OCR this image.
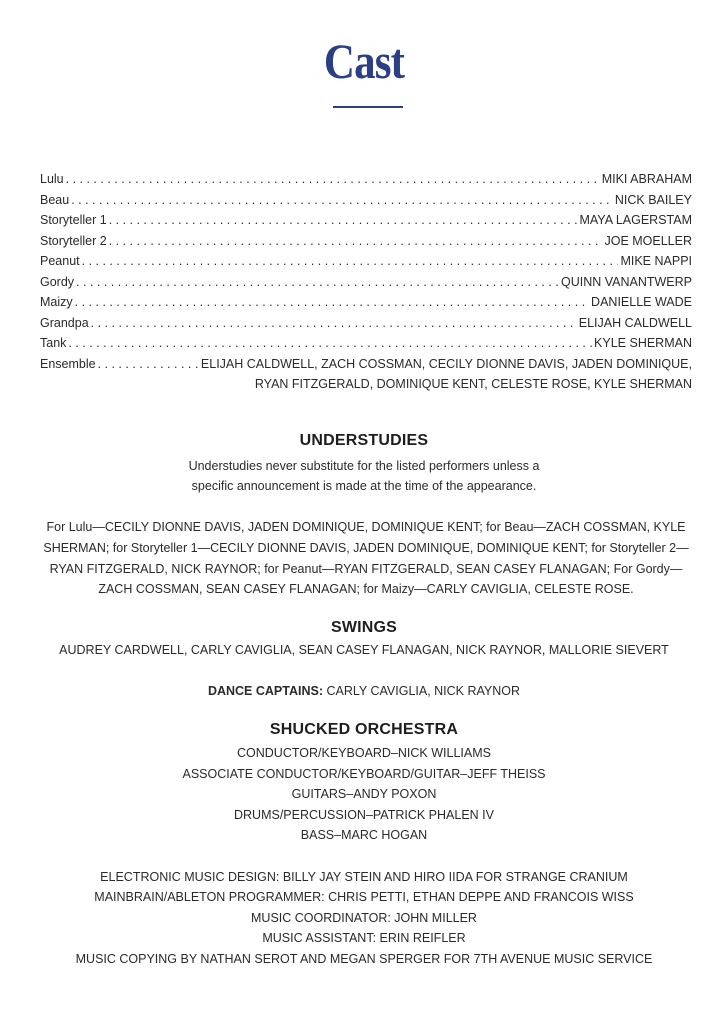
Cast
Lulu . . .	MIKI ABRAHAM
Beau . . .	NICK BAILEY
Storyteller 1 . . .	MAYA LAGERSTAM
Storyteller 2 . . .	JOE MOELLER
Peanut . . .	MIKE NAPPI
Gordy . . .	QUINN VANANTWERP
Maizy . . .	DANIELLE WADE
Grandpa . . .	ELIJAH CALDWELL
Tank . . .	KYLE SHERMAN
Ensemble . . .	ELIJAH CALDWELL, ZACH COSSMAN, CECILY DIONNE DAVIS, JADEN DOMINIQUE,
RYAN FITZGERALD, DOMINIQUE KENT, CELESTE ROSE, KYLE SHERMAN
UNDERSTUDIES
Understudies never substitute for the listed performers unless a
specific announcement is made at the time of the appearance.
For Lulu—CECILY DIONNE DAVIS, JADEN DOMINIQUE, DOMINIQUE KENT; for Beau—ZACH COSSMAN, KYLE SHERMAN; for Storyteller 1—CECILY DIONNE DAVIS, JADEN DOMINIQUE, DOMINIQUE KENT; for Storyteller 2—RYAN FITZGERALD, NICK RAYNOR; for Peanut—RYAN FITZGERALD, SEAN CASEY FLANAGAN; For Gordy—ZACH COSSMAN, SEAN CASEY FLANAGAN; for Maizy—CARLY CAVIGLIA, CELESTE ROSE.
SWINGS
AUDREY CARDWELL, CARLY CAVIGLIA, SEAN CASEY FLANAGAN, NICK RAYNOR, MALLORIE SIEVERT
DANCE CAPTAINS: CARLY CAVIGLIA, NICK RAYNOR
SHUCKED ORCHESTRA
CONDUCTOR/KEYBOARD–NICK WILLIAMS
ASSOCIATE CONDUCTOR/KEYBOARD/GUITAR–JEFF THEISS
GUITARS–ANDY POXON
DRUMS/PERCUSSION–PATRICK PHALEN IV
BASS–MARC HOGAN
ELECTRONIC MUSIC DESIGN: BILLY JAY STEIN AND HIRO IIDA FOR STRANGE CRANIUM
MAINBRAIN/ABLETON PROGRAMMER: CHRIS PETTI, ETHAN DEPPE AND FRANCOIS WISS
MUSIC COORDINATOR: JOHN MILLER
MUSIC ASSISTANT: ERIN REIFLER
MUSIC COPYING BY NATHAN SEROT AND MEGAN SPERGER FOR 7TH AVENUE MUSIC SERVICE
